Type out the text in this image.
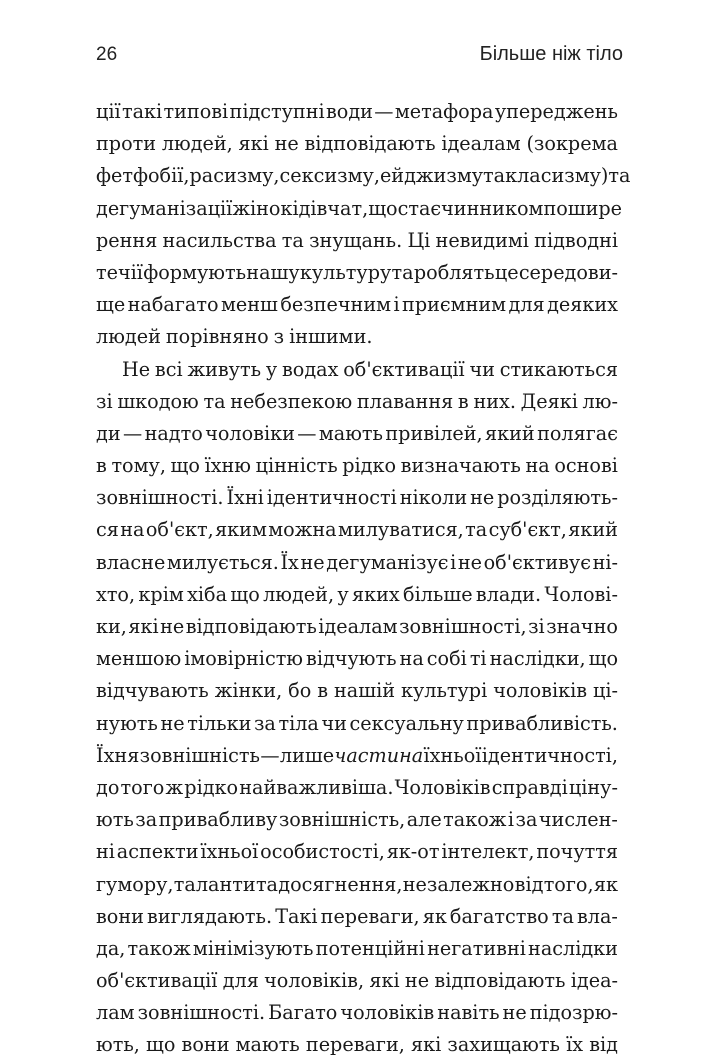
26	Більше ніж тіло
ції такі типові підступні води — метафора упереджень
проти людей, які не відповідають ідеалам (зокрема
фетфобії, расизму, сексизму, ейджизму та класизму) та
дегуманізації жінок і дівчат, що стає чинником пошире
рення насильства та знущань. Ці невидимі підводні
течії формують нашу культуру та роблять це середови-
ще набагато менш безпечним і приємним для деяких
людей порівняно з іншими.
Не всі живуть у водах об'єктивації чи стикаються
зі шкодою та небезпекою плавання в них. Деякі лю-
ди — надто чоловіки — мають привілей, який полягає
в тому, що їхню цінність рідко визначають на основі
зовнішності. Їхні ідентичності ніколи не розділяють-
ся на об'єкт, яким можна милуватися, та суб'єкт, який
власне милується. Їх не дегуманізує і не об'єктивує ні-
хто, крім хіба що людей, у яких більше влади. Чолові-
ки, які не відповідають ідеалам зовнішності, зі значно
меншою імовірністю відчують на собі ті наслідки, що
відчувають жінки, бо в нашій культурі чоловіків ці-
нують не тільки за тіла чи сексуальну привабливість.
Їхня зовнішність — лише частина їхньої ідентичності,
до того ж рідко найважливіша. Чоловіків справді ціну-
ють за привабливу зовнішність, але також і за числен-
ні аспекти їхньої особистості, як-от інтелект, почуття
гумору, таланти та досягнення, незалежно від того, як
вони виглядають. Такі переваги, як багатство та вла-
да, також мінімізують потенційні негативні наслідки
об'єктивації для чоловіків, які не відповідають ідеа-
лам зовнішності. Багато чоловіків навіть не підозрю-
ють, що вони мають переваги, які захищають їх від
